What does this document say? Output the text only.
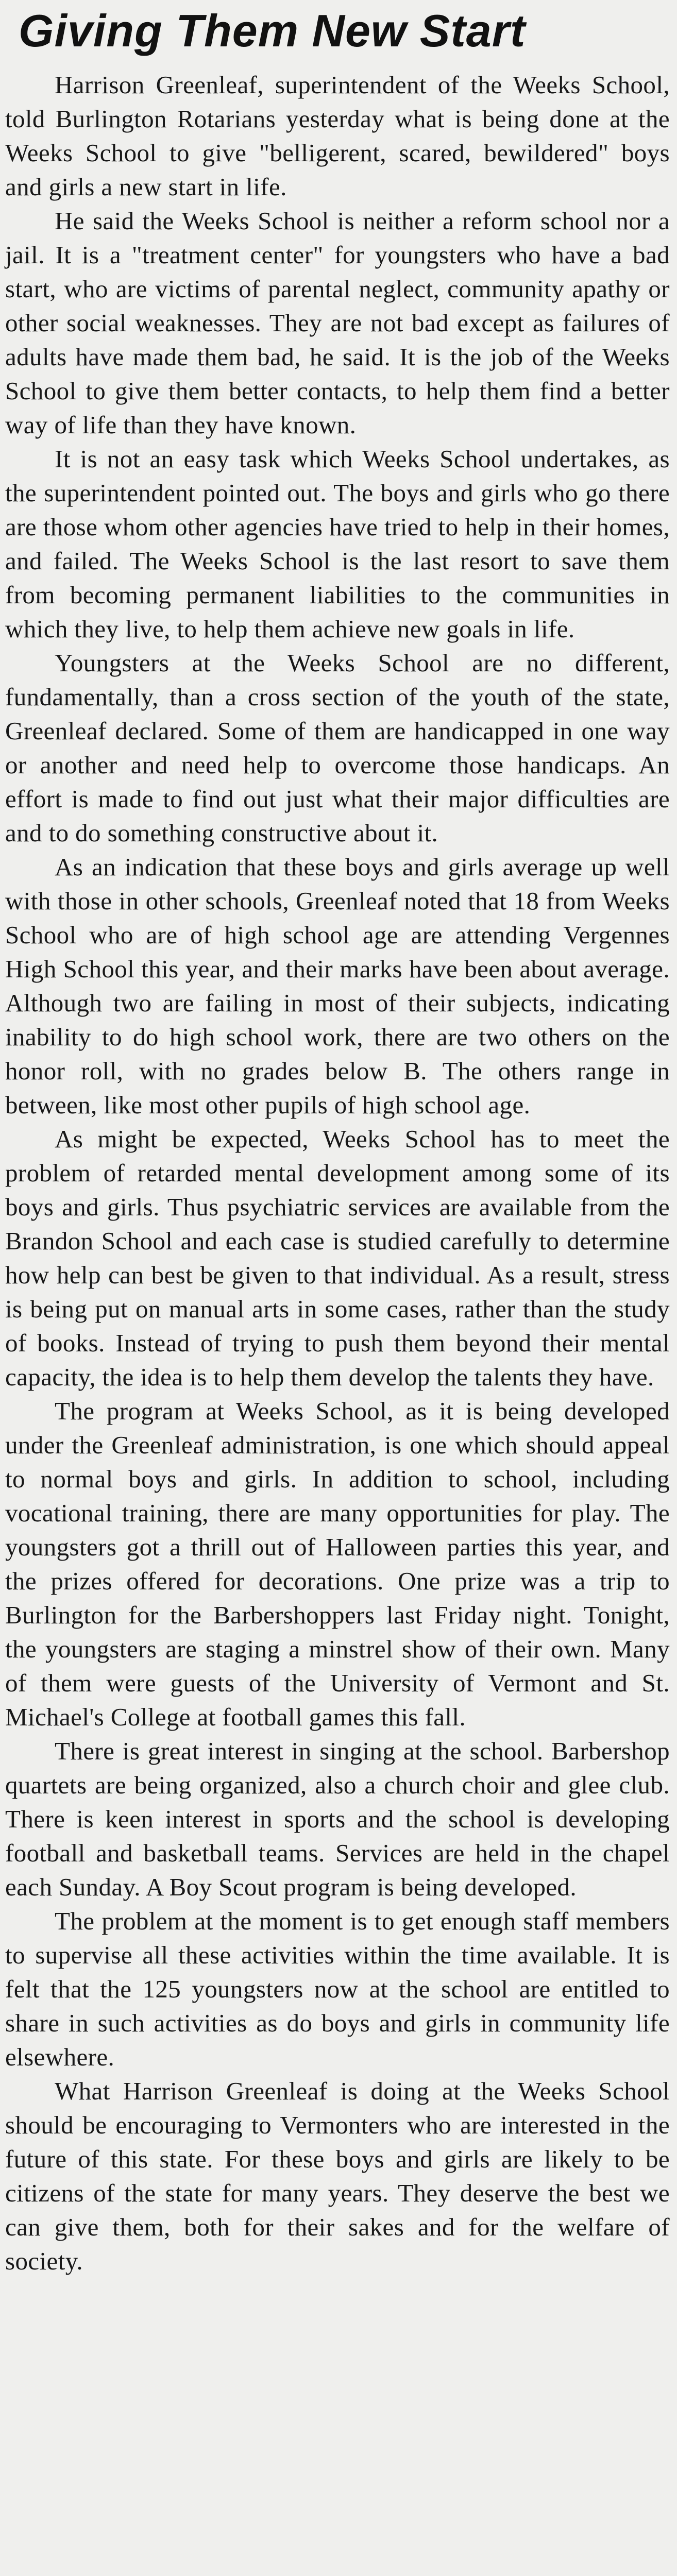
Giving Them New Start

Harrison Greenleaf, superintendent of the Weeks School, told Burlington Rotarians yesterday what is being done at the Weeks School to give "belligerent, scared, bewildered" boys and girls a new start in life.

He said the Weeks School is neither a reform school nor a jail. It is a "treatment center" for youngsters who have a bad start, who are victims of parental neglect, community apathy or other social weaknesses. They are not bad except as failures of adults have made them bad, he said. It is the job of the Weeks School to give them better contacts, to help them find a better way of life than they have known.

It is not an easy task which Weeks School undertakes, as the superintendent pointed out. The boys and girls who go there are those whom other agencies have tried to help in their homes, and failed. The Weeks School is the last resort to save them from becoming permanent liabilities to the communities in which they live, to help them achieve new goals in life.

Youngsters at the Weeks School are no different, fundamentally, than a cross section of the youth of the state, Greenleaf declared. Some of them are handicapped in one way or another and need help to overcome those handicaps. An effort is made to find out just what their major difficulties are and to do something constructive about it.

As an indication that these boys and girls average up well with those in other schools, Greenleaf noted that 18 from Weeks School who are of high school age are attending Vergennes High School this year, and their marks have been about average. Although two are failing in most of their subjects, indicating inability to do high school work, there are two others on the honor roll, with no grades below B. The others range in between, like most other pupils of high school age.

As might be expected, Weeks School has to meet the problem of retarded mental development among some of its boys and girls. Thus psychiatric services are available from the Brandon School and each case is studied carefully to determine how help can best be given to that individual. As a result, stress is being put on manual arts in some cases, rather than the study of books. Instead of trying to push them beyond their mental capacity, the idea is to help them develop the talents they have.

The program at Weeks School, as it is being developed under the Greenleaf administration, is one which should appeal to normal boys and girls. In addition to school, including vocational training, there are many opportunities for play. The youngsters got a thrill out of Halloween parties this year, and the prizes offered for decorations. One prize was a trip to Burlington for the Barbershoppers last Friday night. Tonight, the youngsters are staging a minstrel show of their own. Many of them were guests of the University of Vermont and St. Michael's College at football games this fall.

There is great interest in singing at the school. Barbershop quartets are being organized, also a church choir and glee club. There is keen interest in sports and the school is developing football and basketball teams. Services are held in the chapel each Sunday. A Boy Scout program is being developed.

The problem at the moment is to get enough staff members to supervise all these activities within the time available. It is felt that the 125 youngsters now at the school are entitled to share in such activities as do boys and girls in community life elsewhere.

What Harrison Greenleaf is doing at the Weeks School should be encouraging to Vermonters who are interested in the future of this state. For these boys and girls are likely to be citizens of the state for many years. They deserve the best we can give them, both for their sakes and for the welfare of society.
